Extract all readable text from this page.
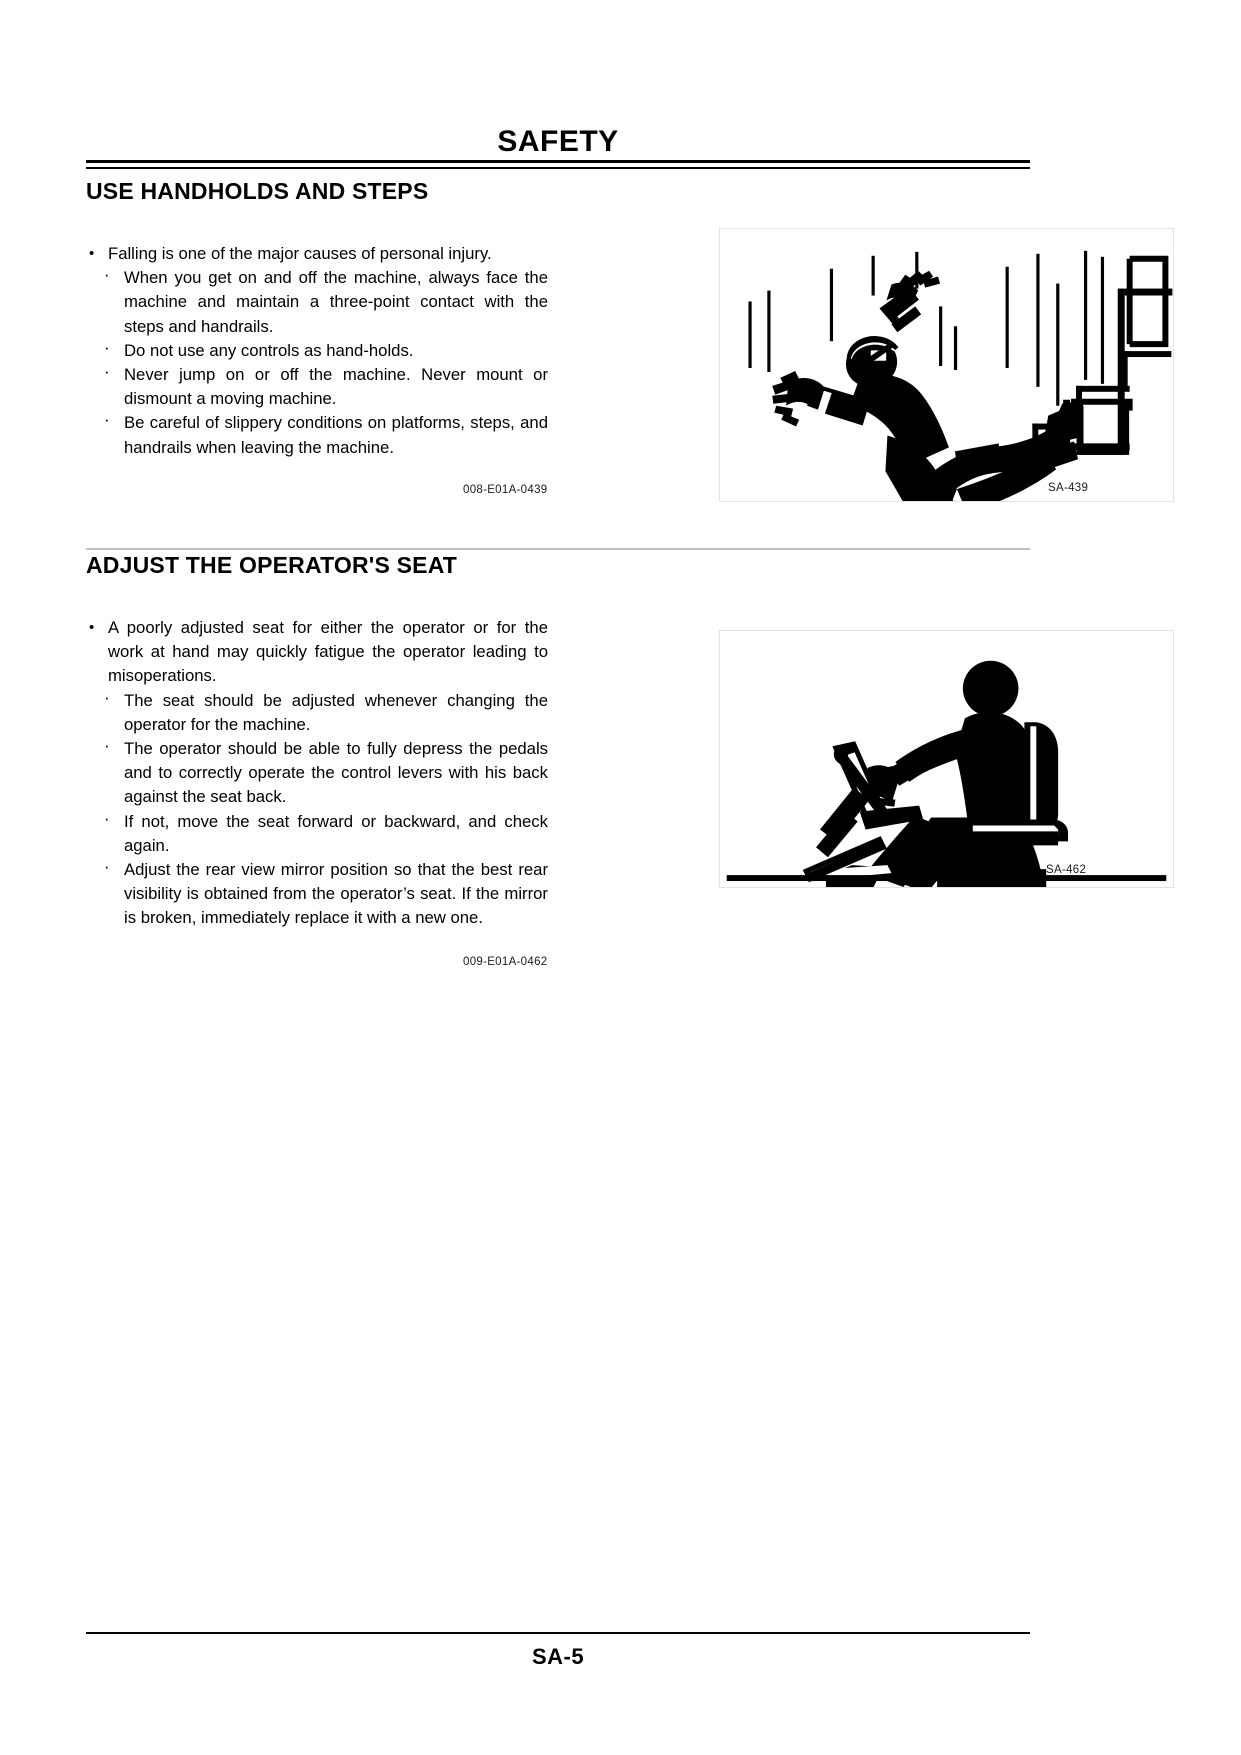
SAFETY
USE HANDHOLDS AND STEPS
• Falling is one of the major causes of personal injury.
· When you get on and off the machine, always face the machine and maintain a three-point contact with the steps and handrails.
· Do not use any controls as hand-holds.
· Never jump on or off the machine. Never mount or dismount a moving machine.
· Be careful of slippery conditions on platforms, steps, and handrails when leaving the machine.
008-E01A-0439	SA-439
ADJUST THE OPERATOR'S SEAT
• A poorly adjusted seat for either the operator or for the work at hand may quickly fatigue the operator leading to misoperations.
· The seat should be adjusted whenever changing the operator for the machine.
· The operator should be able to fully depress the pedals and to correctly operate the control levers with his back against the seat back.
· If not, move the seat forward or backward, and check again.
· Adjust the rear view mirror position so that the best rear visibility is obtained from the operator’s seat. If the mirror is broken, immediately replace it with a new one.
SA-462
009-E01A-0462
SA-5
